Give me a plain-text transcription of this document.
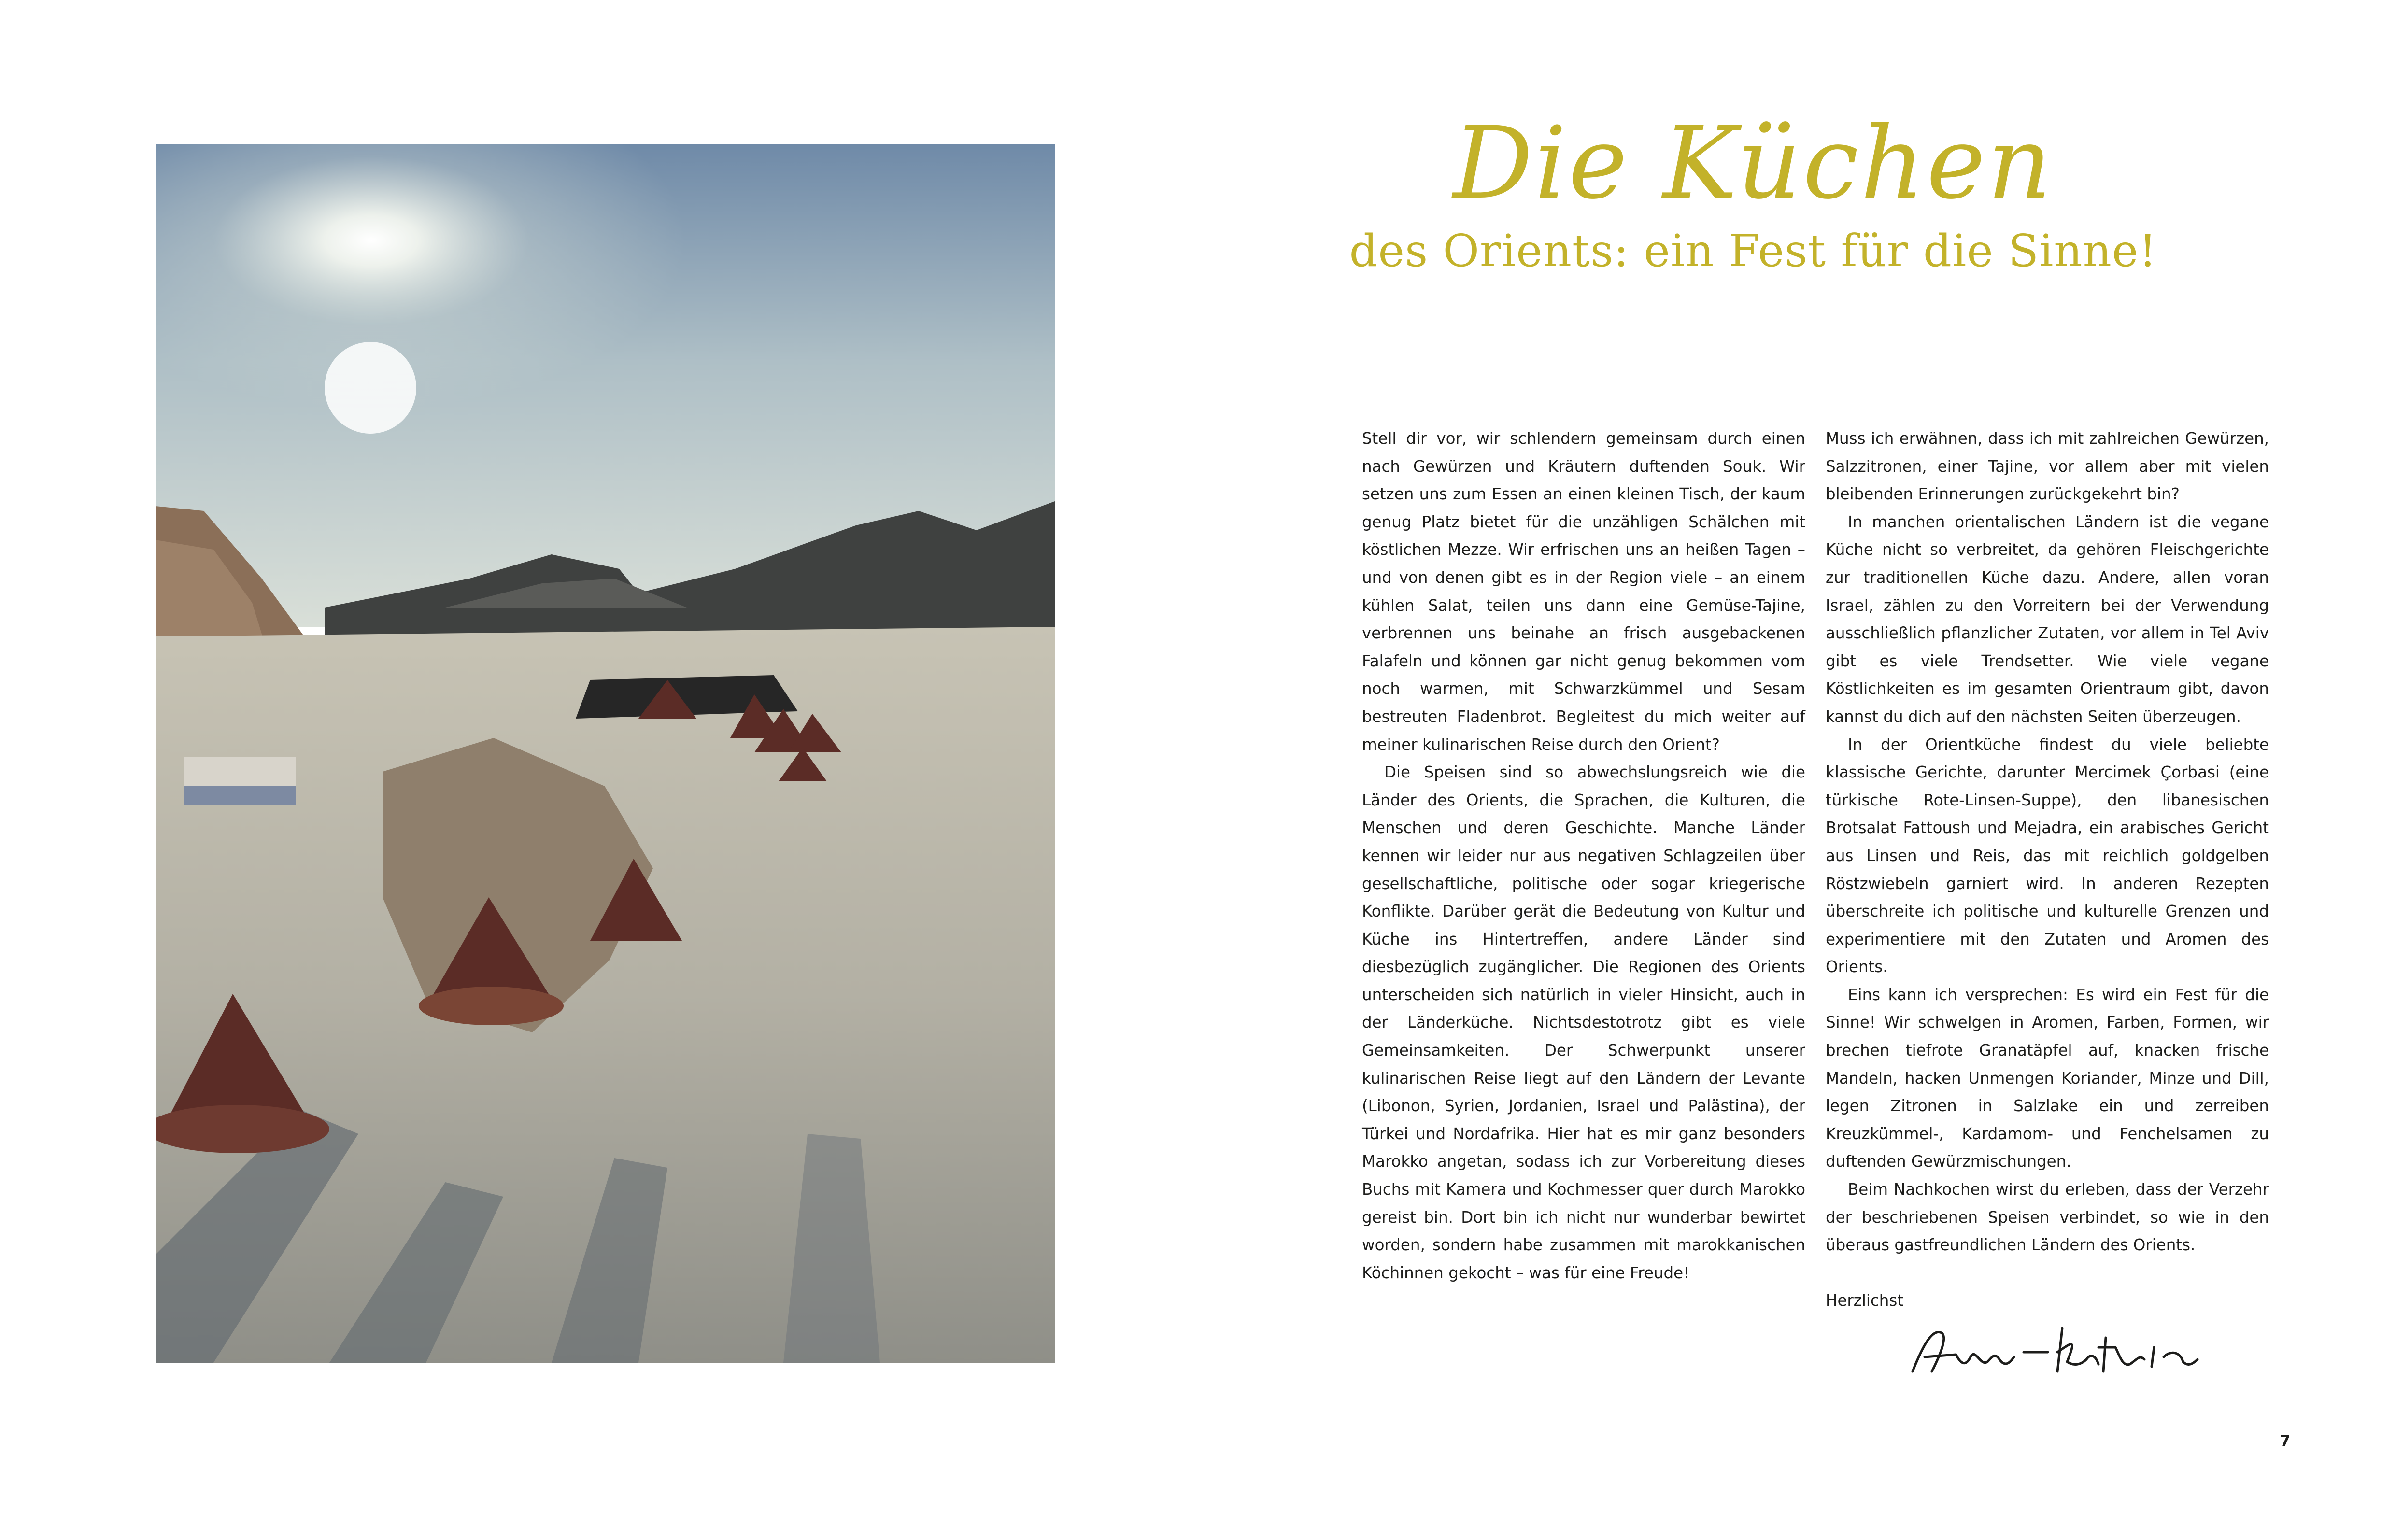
Die Küchen
des Orients: ein Fest für die Sinne!

Stell dir vor, wir schlendern gemeinsam durch einen nach Gewürzen und Kräutern duftenden Souk. Wir setzen uns zum Essen an einen kleinen Tisch, der kaum genug Platz bietet für die unzähligen Schälchen mit köstlichen Mezze. Wir erfrischen uns an heißen Tagen – und von denen gibt es in der Region viele – an einem kühlen Salat, teilen uns dann eine Gemüse-Tajine, verbrennen uns beinahe an frisch ausgebackenen Falafeln und können gar nicht genug bekommen vom noch warmen, mit Schwarzkümmel und Sesam bestreuten Fladenbrot. Begleitest du mich weiter auf meiner kulinarischen Reise durch den Orient?

Die Speisen sind so abwechslungsreich wie die Länder des Orients, die Sprachen, die Kulturen, die Menschen und deren Geschichte. Manche Länder kennen wir leider nur aus negativen Schlagzeilen über gesellschaftliche, politische oder sogar kriegerische Konflikte. Darüber gerät die Bedeutung von Kultur und Küche ins Hintertreffen, andere Länder sind diesbezüglich zugänglicher. Die Regionen des Orients unterscheiden sich natürlich in vieler Hinsicht, auch in der Länderküche. Nichtsdestotrotz gibt es viele Gemeinsamkeiten. Der Schwerpunkt unserer kulinarischen Reise liegt auf den Ländern der Levante (Libonon, Syrien, Jordanien, Israel und Palästina), der Türkei und Nordafrika. Hier hat es mir ganz besonders Marokko angetan, sodass ich zur Vorbereitung dieses Buchs mit Kamera und Kochmesser quer durch Marokko gereist bin. Dort bin ich nicht nur wunderbar bewirtet worden, sondern habe zusammen mit marokkanischen Köchinnen gekocht – was für eine Freude!

Muss ich erwähnen, dass ich mit zahlreichen Gewürzen, Salzzitronen, einer Tajine, vor allem aber mit vielen bleibenden Erinnerungen zurückgekehrt bin?

In manchen orientalischen Ländern ist die vegane Küche nicht so verbreitet, da gehören Fleischgerichte zur traditionellen Küche dazu. Andere, allen voran Israel, zählen zu den Vorreitern bei der Verwendung ausschließlich pflanzlicher Zutaten, vor allem in Tel Aviv gibt es viele Trendsetter. Wie viele vegane Köstlichkeiten es im gesamten Orientraum gibt, davon kannst du dich auf den nächsten Seiten überzeugen.

In der Orientküche findest du viele beliebte klassische Gerichte, darunter Mercimek Çorbasi (eine türkische Rote-Linsen-Suppe), den libanesischen Brotsalat Fattoush und Mejadra, ein arabisches Gericht aus Linsen und Reis, das mit reichlich goldgelben Röstzwiebeln garniert wird. In anderen Rezepten überschreite ich politische und kulturelle Grenzen und experimentiere mit den Zutaten und Aromen des Orients.

Eins kann ich versprechen: Es wird ein Fest für die Sinne! Wir schwelgen in Aromen, Farben, Formen, wir brechen tiefrote Granatäpfel auf, knacken frische Mandeln, hacken Unmengen Koriander, Minze und Dill, legen Zitronen in Salzlake ein und zerreiben Kreuzkümmel-, Kardamom- und Fenchelsamen zu duftenden Gewürzmischungen.

Beim Nachkochen wirst du erleben, dass der Verzehr der beschriebenen Speisen verbindet, so wie in den überaus gastfreundlichen Ländern des Orients.

Herzlichst

7
